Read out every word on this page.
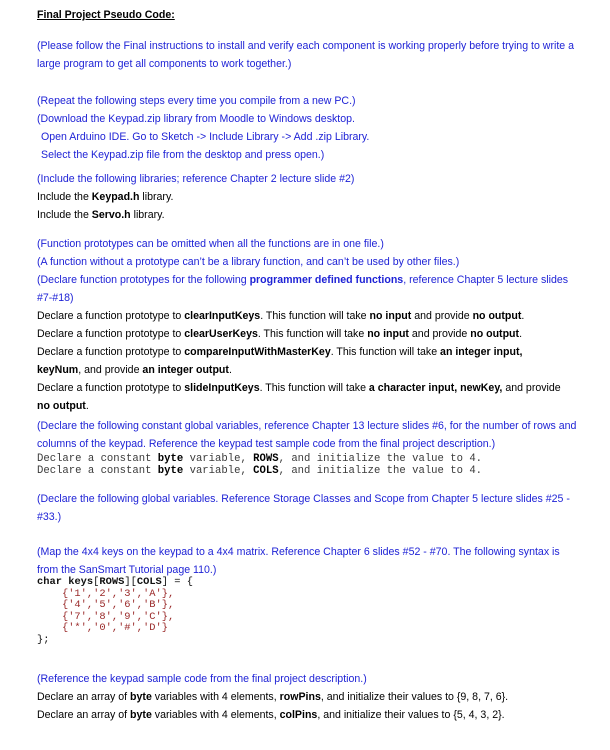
Final Project Pseudo Code:
(Please follow the Final instructions to install and verify each component is working properly before trying to write a large program to get all components to work together.)
(Repeat the following steps every time you compile from a new PC.)
(Download the Keypad.zip library from Moodle to Windows desktop.
Open Arduino IDE. Go to Sketch -> Include Library -> Add .zip Library.
Select the Keypad.zip file from the desktop and press open.)
(Include the following libraries; reference Chapter 2 lecture slide #2)
Include the Keypad.h library.
Include the Servo.h library.
(Function prototypes can be omitted when all the functions are in one file.)
(A function without a prototype can’t be a library function, and can’t be used by other files.)
(Declare function prototypes for the following programmer defined functions, reference Chapter 5 lecture slides #7-#18)
Declare a function prototype to clearInputKeys. This function will take no input and provide no output.
Declare a function prototype to clearUserKeys. This function will take no input and provide no output.
Declare a function prototype to compareInputWithMasterKey. This function will take an integer input,
keyNum, and provide an integer output.
Declare a function prototype to slideInputKeys. This function will take a character input, newKey, and provide
no output.
(Declare the following constant global variables, reference Chapter 13 lecture slides #6, for the number of rows and columns of the keypad. Reference the keypad test sample code from the final project description.)
Declare a constant byte variable, ROWS, and initialize the value to 4.
Declare a constant byte variable, COLS, and initialize the value to 4.
(Declare the following global variables. Reference Storage Classes and Scope from Chapter 5 lecture slides #25 - #33.)
(Map the 4x4 keys on the keypad to a 4x4 matrix. Reference Chapter 6 slides #52 - #70. The following syntax is from the SanSmart Tutorial page 110.)
char keys[ROWS][COLS] = {
{'1','2','3','A'},
{'4','5','6','B'},
{'7','8','9','C'},
{'*','0','#','D'}
};
(Reference the keypad sample code from the final project description.)
Declare an array of byte variables with 4 elements, rowPins, and initialize their values to {9, 8, 7, 6}.
Declare an array of byte variables with 4 elements, colPins, and initialize their values to {5, 4, 3, 2}.
